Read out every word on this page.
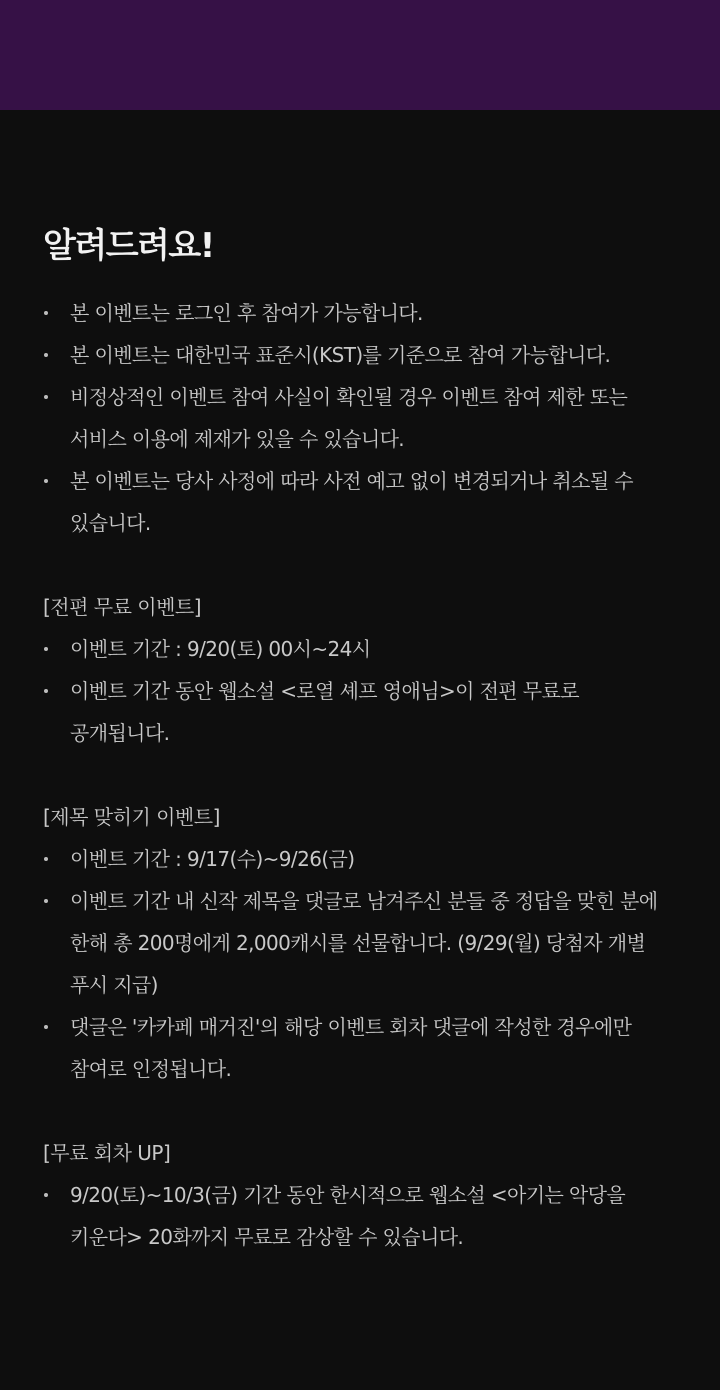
알려드려요!
본 이벤트는 로그인 후 참여가 가능합니다.
본 이벤트는 대한민국 표준시(KST)를 기준으로 참여 가능합니다.
비정상적인 이벤트 참여 사실이 확인될 경우 이벤트 참여 제한 또는
서비스 이용에 제재가 있을 수 있습니다.
본 이벤트는 당사 사정에 따라 사전 예고 없이 변경되거나 취소될 수
있습니다.

[전편 무료 이벤트]

이벤트 기간 : 9/20(토) 00시~24시
이벤트 기간 동안 웹소설 <로열 셰프 영애님>이 전편 무료로
공개됩니다.

[제목 맞히기 이벤트]

이벤트 기간 : 9/17(수)~9/26(금)
이벤트 기간 내 신작 제목을 댓글로 남겨주신 분들 중 정답을 맞힌 분에
한해 총 200명에게 2,000캐시를 선물합니다. (9/29(월) 당첨자 개별
푸시 지급)
댓글은 '카카페 매거진'의 해당 이벤트 회차 댓글에 작성한 경우에만
참여로 인정됩니다.

[무료 회차 UP]

9/20(토)~10/3(금) 기간 동안 한시적으로 웹소설 <아기는 악당을
키운다> 20화까지 무료로 감상할 수 있습니다.
